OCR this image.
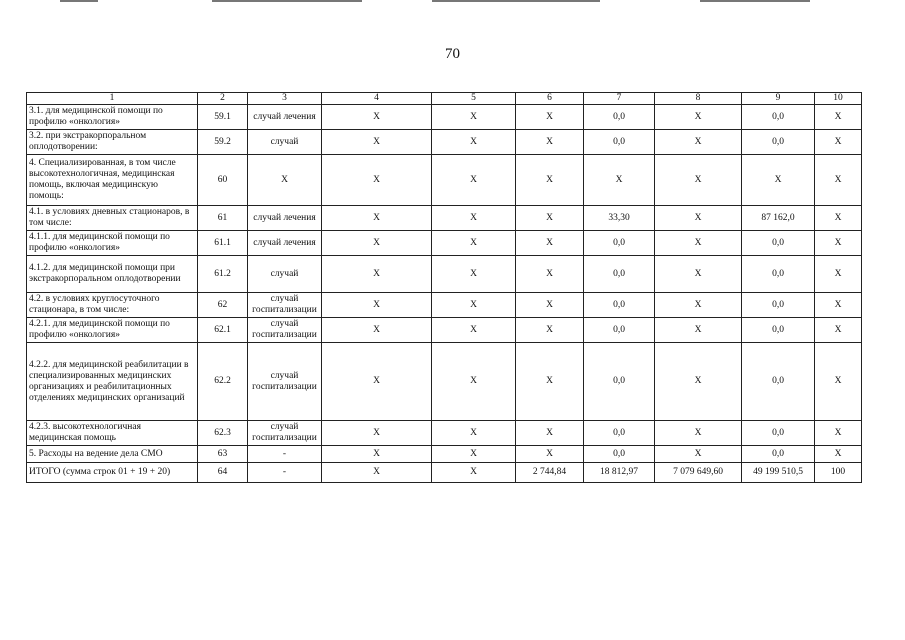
70
1	2	3	4	5	6	7	8	9	10
3.1. для медицинской помощи по профилю «онкология»	59.1	случай лечения	X	X	X	0,0	X	0,0	X
3.2. при экстракорпоральном оплодотворении:	59.2	случай	X	X	X	0,0	X	0,0	X
4. Специализированная, в том числе высокотехнологичная, медицинская помощь, включая медицинскую помощь:	60	X	X	X	X	X	X	X	X
4.1. в условиях дневных стационаров, в том числе:	61	случай лечения	X	X	X	33,30	X	87 162,0	X
4.1.1. для медицинской помощи по профилю «онкология»	61.1	случай лечения	X	X	X	0,0	X	0,0	X
4.1.2. для медицинской помощи при экстракорпоральном оплодотворении	61.2	случай	X	X	X	0,0	X	0,0	X
4.2. в условиях круглосуточного стационара, в том числе:	62	случай госпитализации	X	X	X	0,0	X	0,0	X
4.2.1. для медицинской помощи по профилю «онкология»	62.1	случай госпитализации	X	X	X	0,0	X	0,0	X
4.2.2. для медицинской реабилитации в специализированных медицинских организациях и реабилитационных отделениях медицинских организаций	62.2	случай госпитализации	X	X	X	0,0	X	0,0	X
4.2.3. высокотехнологичная медицинская помощь	62.3	случай госпитализации	X	X	X	0,0	X	0,0	X
5. Расходы на ведение дела СМО	63	-	X	X	X	0,0	X	0,0	X
ИТОГО (сумма строк 01 + 19 + 20)	64	-	X	X	2 744,84	18 812,97	7 079 649,60	49 199 510,5	100
